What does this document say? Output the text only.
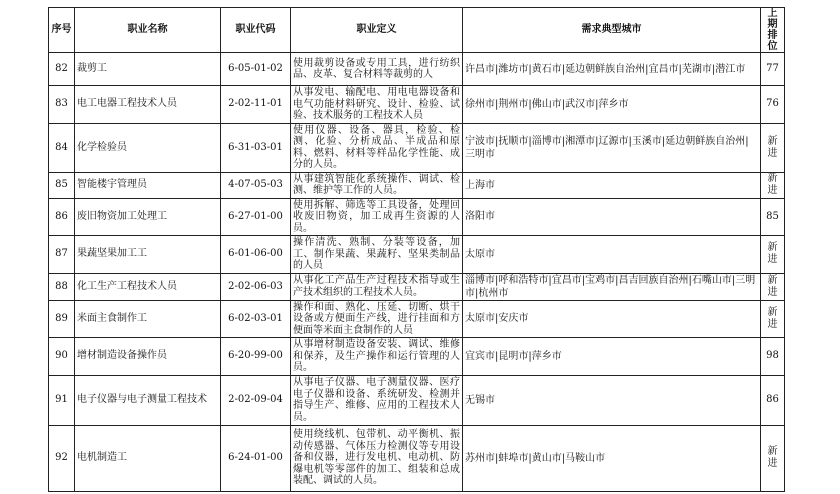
序号	职业名称	职业代码	职业定义	需求典型城市	上期排位
82	裁剪工	6-05-01-02	使用裁剪设备或专用工具，进行纺织品、皮革、复合材料等裁剪的人	许昌市|潍坊市|黄石市|延边朝鲜族自治州|宜昌市|芜湖市|潜江市	77
83	电工电器工程技术人员	2-02-11-01	从事发电、输配电、用电电器设备和电气功能材料研究、设计、检验、试验、技术服务的工程技术人员	徐州市|荆州市|佛山市|武汉市|萍乡市	76
84	化学检验员	6-31-03-01	使用仪器、设备、器具，检验、检测、化验、分析成品、半成品和原料、燃料、材料等样品化学性能、成分的人员。	宁波市|抚顺市|淄博市|湘潭市|辽源市|玉溪市|延边朝鲜族自治州|三明市	新进
85	智能楼宇管理员	4-07-05-03	从事建筑智能化系统操作、调试、检测、维护等工作的人员。	上海市	新进
86	废旧物资加工处理工	6-27-01-00	使用拆解、筛选等工具设备，处理回收废旧物资，加工成再生资源的人员。	洛阳市	85
87	果蔬坚果加工工	6-01-06-00	操作清洗、熟制、分装等设备，加工、制作果蔬、果蔬籽、坚果类制品的人员	太原市	新进
88	化工生产工程技术人员	2-02-06-03	从事化工产品生产过程技术指导或生产技术组织的工程技术人员。	淄博市|呼和浩特市|宜昌市|宝鸡市|昌吉回族自治州|石嘴山市|三明市|杭州市	新进
89	米面主食制作工	6-02-03-01	操作和面、熟化、压延、切断、烘干设备或方便面生产线，进行挂面和方便面等米面主食制作的人员	太原市|安庆市	新进
90	增材制造设备操作员	6-20-99-00	从事增材制造设备安装、调试、维修和保养，及生产操作和运行管理的人员。	宜宾市|昆明市|萍乡市	98
91	电子仪器与电子测量工程技术	2-02-09-04	从事电子仪器、电子测量仪器、医疗电子仪器和设备、系统研发、检测并指导生产、维修、应用的工程技术人员。	无锡市	86
92	电机制造工	6-24-01-00	使用绕线机、包带机、动平衡机、振动传感器、气体压力检测仪等专用设备和仪器，进行发电机、电动机、防爆电机等零部件的加工、组装和总成装配、调试的人员。	苏州市|蚌埠市|黄山市|马鞍山市	新进
